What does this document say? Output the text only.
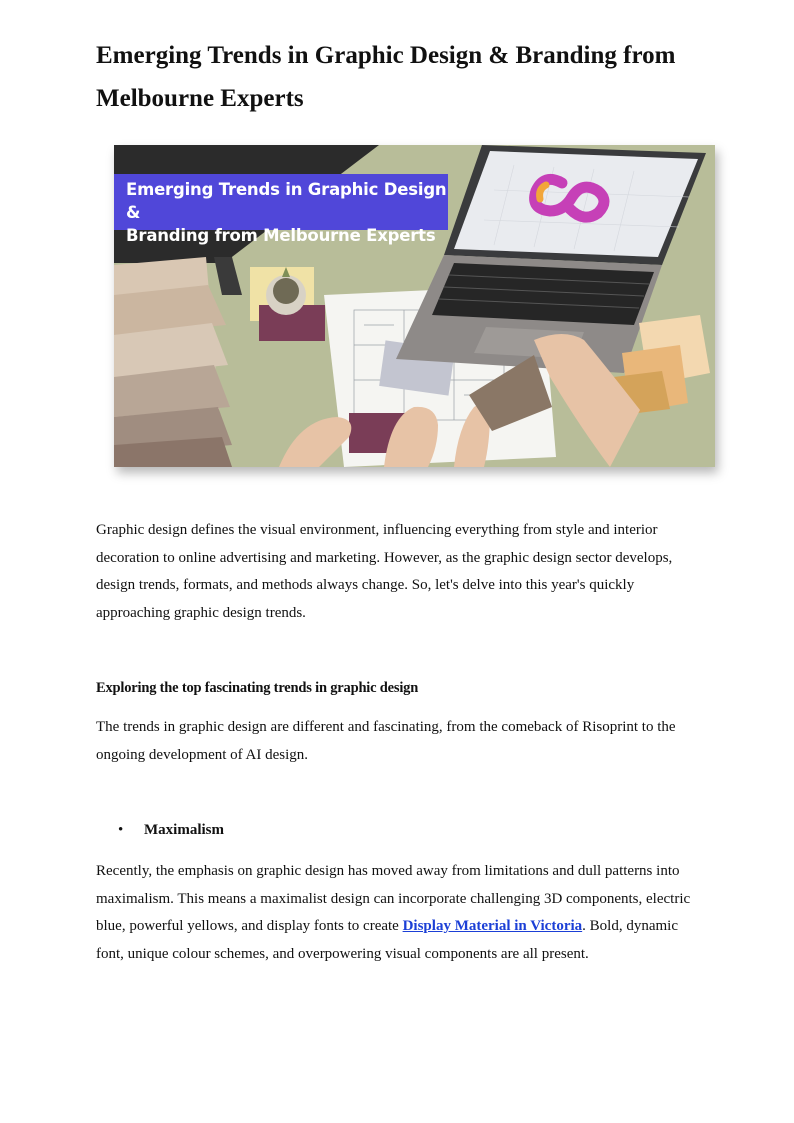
Emerging Trends in Graphic Design & Branding from Melbourne Experts
Emerging Trends in Graphic Design &
Branding from Melbourne Experts

Graphic design defines the visual environment, influencing everything from style and interior decoration to online advertising and marketing. However, as the graphic design sector develops, design trends, formats, and methods always change. So, let's delve into this year's quickly approaching graphic design trends.

Exploring the top fascinating trends in graphic design

The trends in graphic design are different and fascinating, from the comeback of Risoprint to the ongoing development of AI design.

• Maximalism

Recently, the emphasis on graphic design has moved away from limitations and dull patterns into maximalism. This means a maximalist design can incorporate challenging 3D components, electric blue, powerful yellows, and display fonts to create Display Material in Victoria. Bold, dynamic font, unique colour schemes, and overpowering visual components are all present.
